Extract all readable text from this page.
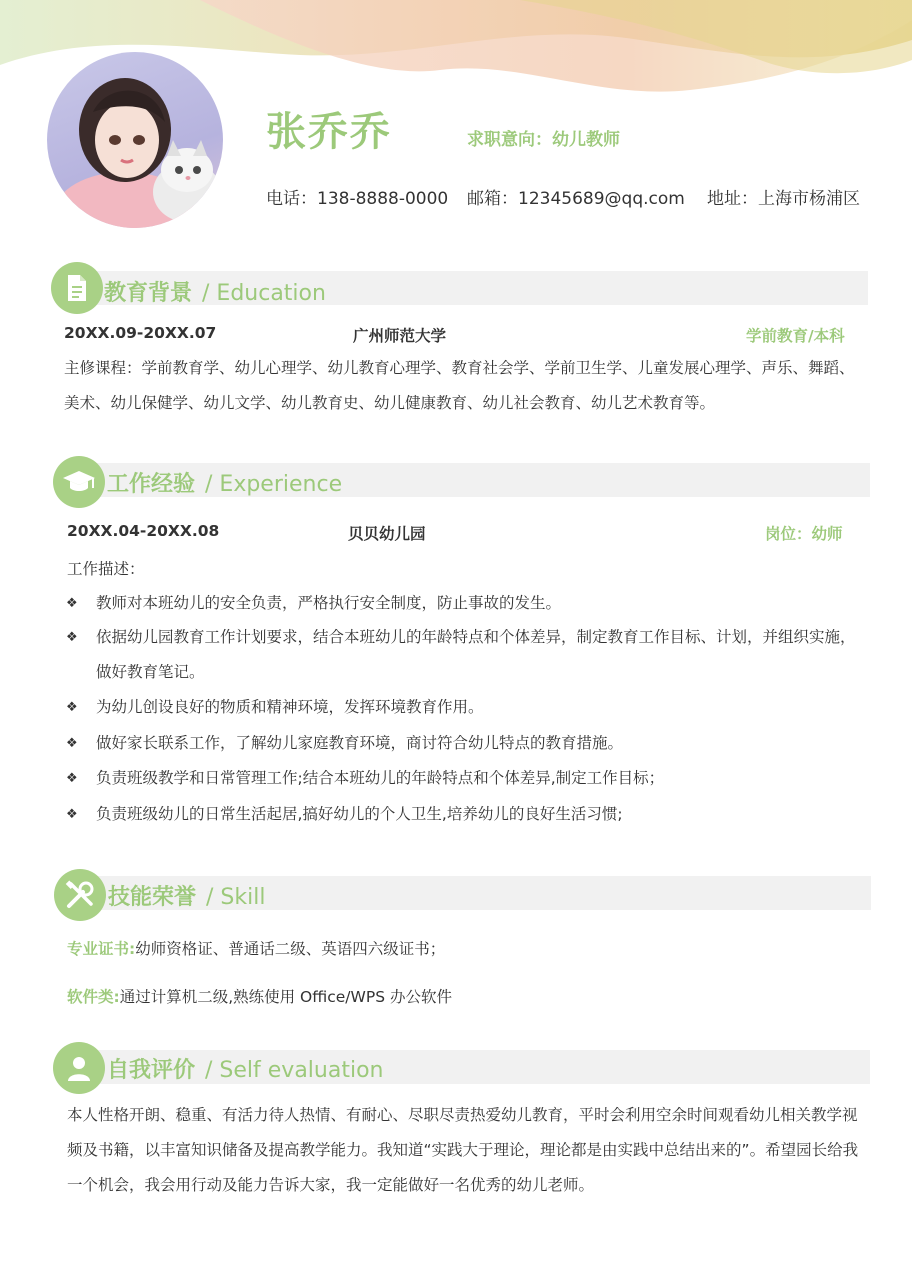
张乔乔	求职意向：幼儿教师
电话：138-8888-0000 邮箱：12345689@qq.com 地址：上海市杨浦区
教育背景 / Education
20XX.09-20XX.07	广州师范大学	学前教育/本科
主修课程：学前教育学、幼儿心理学、幼儿教育心理学、教育社会学、学前卫生学、儿童发展心理学、声乐、舞蹈、美术、幼儿保健学、幼儿文学、幼儿教育史、幼儿健康教育、幼儿社会教育、幼儿艺术教育等。
工作经验 / Experience
20XX.04-20XX.08	贝贝幼儿园	岗位：幼师
工作描述：
❖ 教师对本班幼儿的安全负责，严格执行安全制度，防止事故的发生。
❖ 依据幼儿园教育工作计划要求，结合本班幼儿的年龄特点和个体差异，制定教育工作目标、计划，并组织实施，做好教育笔记。
❖ 为幼儿创设良好的物质和精神环境，发挥环境教育作用。
❖ 做好家长联系工作，了解幼儿家庭教育环境，商讨符合幼儿特点的教育措施。
❖ 负责班级教学和日常管理工作;结合本班幼儿的年龄特点和个体差异,制定工作目标；
❖ 负责班级幼儿的日常生活起居,搞好幼儿的个人卫生,培养幼儿的良好生活习惯;
技能荣誉 / Skill
专业证书:幼师资格证、普通话二级、英语四六级证书；
软件类:通过计算机二级,熟练使用 Office/WPS 办公软件
自我评价 / Self evaluation
本人性格开朗、稳重、有活力待人热情、有耐心、尽职尽责热爱幼儿教育，平时会利用空余时间观看幼儿相关教学视频及书籍，以丰富知识储备及提高教学能力。我知道“实践大于理论，理论都是由实践中总结出来的”。希望园长给我一个机会，我会用行动及能力告诉大家，我一定能做好一名优秀的幼儿老师。
